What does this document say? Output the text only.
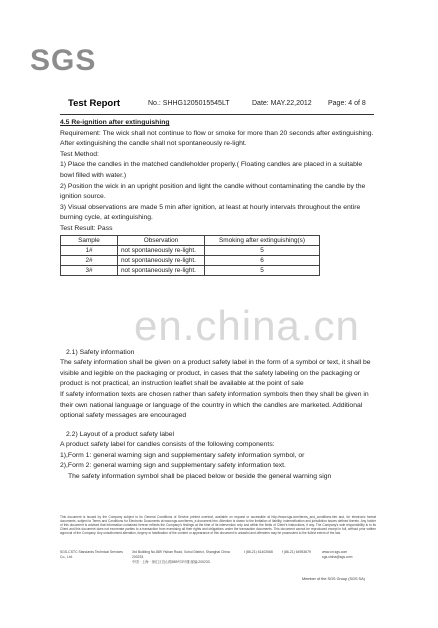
SGS
Test Report	No.: SHHG1205015545LT	Date: MAY.22,2012 Page: 4 of 8

4.5 Re-ignition after extinguishing

Requirement: The wick shall not continue to flow or smoke for more than 20 seconds after extinguishing. After extinguishing the candle shall not spontaneously re-light.

Test Method:

1) Place the candles in the matched candleholder properly.( Floating candles are placed in a suitable bowl filled with water.)

2) Position the wick in an upright position and light the candle without contaminating the candle by the ignition source.

3) Visual observations are made 5 min after ignition, at least at hourly intervals throughout the entire burning cycle, at extinguishing.

Test Result: Pass

Sample	Observation	Smoking after extinguishing(s)
1#	not spontaneously re-light.	5
2#	not spontaneously re-light.	6
3#	not spontaneously re-light.	5

2.1) Safety information

The safety information shall be given on a product safety label in the form of a symbol or text, it shall be visible and legible on the packaging or product, in cases that the safety labeling on the packaging or product is not practical, an instruction leaflet shall be available at the point of sale

If safety information texts are chosen rather than safety information symbols then they shall be given in their own national language or language of the country in which the candles are marketed. Additional optional safety messages are encouraged

2.2) Layout of a product safety label

A product safety label for candles consists of the following components:

1),Form 1: general warning sign and supplementary safety information symbol, or

2),Form 2: general warning sign and supplementary safety information text.

The safety information symbol shall be placed below or beside the general warning sign

en.china.cn
This document is issued by the Company subject to its General Conditions of Service printed overleaf, available on request or accessible at http://www.sgs.com/terms_and_conditions.htm and, for electronic format documents, subject to Terms and Conditions for Electronic Documents at www.sgs.com/terms_e-document.htm. Attention is drawn to the limitation of liability, indemnification and jurisdiction issues defined therein. Any holder of this document is advised that information contained hereon reflects the Company's findings at the time of its intervention only and within the limits of Client's instructions, if any. The Company's sole responsibility is to its Client and this document does not exonerate parties to a transaction from exercising all their rights and obligations under the transaction documents. This document cannot be reproduced except in full, without prior written approval of the Company. Any unauthorized alteration, forgery or falsification of the content or appearance of this document is unlawful and offenders may be prosecuted to the fullest extent of the law.
SGS-CSTC Standards Technical Services Co., Ltd.
3rd Building No.889 Yishan Road, Xuhui District, Shanghai China 200233
中国 · 上海 · 徐汇区宜山路889号3号楼 邮编:200233
t (86-21) 61402666	f (86-21) 64953679	www.cn.sgs.com
sgs.china@sgs.com
Member of the SGS Group (SGS SA)
